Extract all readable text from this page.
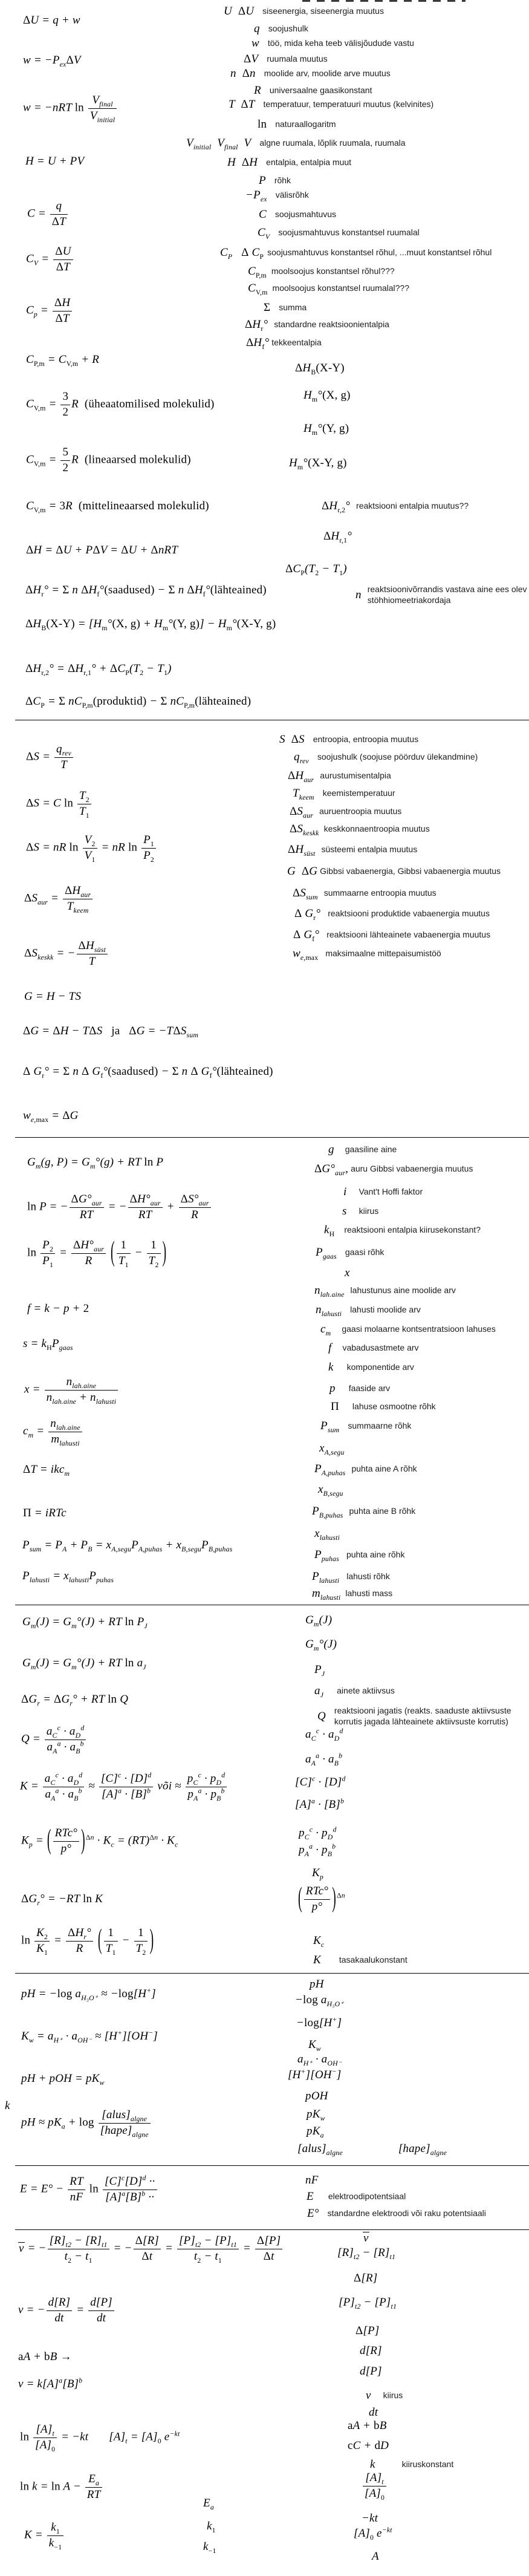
ΔU = q + w
$w = -P_{ex}\Delta V$
w = −nRT ln
$V_{final}$
$V_{initial}$
H = U + PV
$C = \frac{q}{\Delta T}$
$C_V = \frac{\Delta U}{\Delta T}$
$C_p = \frac{\Delta H}{\Delta T}$
$C_{P,m} = C_{V,m} + R$
$C_{V,m} = \frac{3}{2}$ R  (üheaatomilised molekulid)
$C_{V,m} = \frac{5}{2}$ R  (lineaarsed molekulid)
$C_{V,m} = 3R$  (mittelineaarsed molekulid)
ΔH = ΔU + PΔV = ΔU + ΔnRT
$\Delta H_r^\circ = \Sigma$ n $\Delta H_f^\circ(saadused) - \Sigma$ n $\Delta H_f^\circ(lähteained)$
$\Delta H_B(X-Y) = [H_m^\circ(X$, $g) + H_m^\circ(Y$, $g)] - H_m^\circ(X-Y$, g)
$\Delta H_{r,2}^\circ = \Delta H_{r,1}^\circ + \Delta C_P(T_2 - T_1)$
$\Delta C_P = \Sigma$ $nC_{P,m}(produktid) - \Sigma$ $nC_{P,m}(lähteained)$
ΔS =
$q_{rev}$
T
ΔS = C $\ln \frac{T_2}{T_1}$
ΔS = nR $\ln \frac{V_2}{V_1}$ = nR $\ln \frac{P_1}{P_2}$
$\Delta S_{aur}$ =
$\Delta H_{aur}$
$T_{keem}$
$\Delta S_{keskk}$ = −
$\Delta H_{süst}$
T
G = H − TS
ΔG = ΔH − TΔS   ja $\Delta G = -T\Delta S_{sum}$
Δ $G_r^\circ = \Sigma$ n Δ $G_f^\circ(saadused) - \Sigma$ n Δ $G_f^\circ(lähteained)$
$w_{e,max} = \Delta G$
$G_m(g$, $P) = G_m^\circ(g)$ + RT ln P
ln P = −
$\Delta G^\circ_{aur}$
RT
= −
$\Delta H^\circ_{aur}$
RT
+
$\Delta S^\circ_{aur}$
R
$\ln \frac{P_2}{P_1}$ =
$\Delta H^\circ_{aur}$
R	( $\frac{1}{T_1} - \frac{1}{T_2}$ )
f = k − p + 2
$s = k_HP_{gaas}$
x =
$n_{lah.aine}$
$n_{lah.aine} + n_{lahusti}$
$c_m$ =
$n_{lah.aine}$
$m_{lahusti}$
ΔT = ikc$_m$
Π = iRTc
$P_{sum} = P_A + P_B = x_{A,segu}P_{A,puhas} + x_{B,segu}P_{B,puhas}$
$P_{lahusti} = x_{lahusti}P_{puhas}$
$G_m(J) = G_m^\circ(J)$ + RT $\ln P_J$
$G_m(J) = G_m^\circ(J)$ + RT $\ln a_J$
$\Delta G_r = \Delta G_r^\circ$ + RT ln Q
Q =
$a_C^c \cdot a_D^d$
$a_A^a \cdot a_B^b$
K =
$a_C^c \cdot a_D^d$
$a_A^a \cdot a_B^b \approx \frac{[C]^c \cdot [D]^d}{[A]^a \cdot [B]^b}$ või ≈
$p_C^c \cdot p_D^d$
$p_A^a \cdot p_B^b$
$K_p$ = ( RTc°
p° )$^{\Delta n} \cdot K_c = (RT)^{\Delta n} \cdot K_c$
$\Delta G_r^\circ = -RT$ ln K
$\ln \frac{K_2}{K_1}$ =
$\Delta H_r^\circ$
R	( $\frac{1}{T_1} - \frac{1}{T_2}$ )
pH = −log $a_{H_3O^+} \approx -\log[H^+]$
$K_w = a_{H^+} \cdot a_{OH^-} \approx [H^+][OH^-]$
pH + pOH = $pK_w$
k
pH ≈ $pK_a + \log$
$[alus]_{algne}$
$[hape]_{algne}$
$E = E^\circ - \frac{RT}{nF}$ $\ln \frac{[C]^c[D]^d \cdot\cdot}{[A]^a[B]^b \cdot\cdot}$
v = − $\frac{[R]_{t2} - [R]_{t1}}{t_2 - t_1}$ = − $\frac{\Delta[R]}{\Delta t} = \frac{[P]_{t2} - [P]_{t1}}{t_2 - t_1} = \frac{\Delta[P]}{\Delta t}$
v = − $\frac{d[R]}{dt} = \frac{d[P]}{dt}$
aA + bB →
$v = k[A]^a[B]^b$
$\ln \frac{[A]_t}{[A]_0} = -kt$ $[A]_t = [A]_0$ $e^{-kt}$
$\ln k = \ln A - \frac{E_a}{RT}$
$K = \frac{k_1}{k_{-1}}$
U  ΔU siseenergia, siseenergia muutus
q soojushulk
w töö, mida keha teeb välisjõudude vastu
ΔV ruumala muutus
n  Δn moolide arv, moolide arve muutus
R universaalne gaasikonstant
T  ΔT temperatuur, temperatuuri muutus (kelvinites)
ln naturaallogaritm
$V_{initial}$  $V_{final}$  V algne ruumala, lõplik ruumala, ruumala
H  ΔH entalpia, entalpia muut
P rõhk
$-P_{ex}$ välisrõhk
C soojusmahtuvus
$C_V$ soojusmahtuvus konstantsel ruumalal
$C_P$ Δ $C_P$ soojusmahtuvus konstantsel rõhul, ...muut konstantsel rõhul
$C_{P,m}$ moolsoojus konstantsel rõhul???
$C_{V,m}$ moolsoojus konstantsel ruumalal???
Σ summa
$\Delta H_r^\circ$ standardne reaktsioonientalpia
$\Delta H_f^\circ$ tekkeentalpia
$\Delta H_B(X-Y)$
$H_m^\circ(X$, g)
$H_m^\circ(Y$, g)
$H_m^\circ(X-Y$, g)
$\Delta H_{r,2}^\circ$ reaktsiooni entalpia muutus??
$\Delta H_{r,1}^\circ$
$\Delta C_P(T_2 - T_1)$
n reaktsioonivõrrandis vastava aine ees olev stöhhiomeetriakordaja
S  ΔS entroopia, entroopia muutus
$q_{rev}$ soojushulk (soojuse pöörduv ülekandmine)
$\Delta H_{aur}$ aurustumisentalpia
$T_{keem}$ keemistemperatuur
$\Delta S_{aur}$ auruentroopia muutus
$\Delta S_{keskk}$ keskkonnaentroopia muutus
$\Delta H_{süst}$ süsteemi entalpia muutus
G  ΔG Gibbsi vabaenergia, Gibbsi vabaenergia muutus
$\Delta S_{sum}$ summaarne entroopia muutus
Δ $G_r^\circ$ reaktsiooni produktide vabaenergia muutus
Δ $G_f^\circ$ reaktsiooni lähteainete vabaenergia muutus
$w_{e,max}$ maksimaalne mittepaisumistöö
g gaasiline aine
$\Delta G^\circ_{aur}$, auru Gibbsi vabaenergia muutus
i Vant't Hoffi faktor
s kiirus
$k_H$ reaktsiooni entalpia kiirusekonstant?
$P_{gaas}$ gaasi rõhk
x
$n_{lah.aine}$ lahustunus aine moolide arv
$n_{lahusti}$ lahusti moolide arv
$c_m$ gaasi molaarne kontsentratsioon lahuses
f vabadusastmete arv
k komponentide arv
p faaside arv
Π lahuse osmootne rõhk
$P_{sum}$ summaarne rõhk
$x_{A,segu}$
$P_{A,puhas}$ puhta aine A rõhk
$x_{B,segu}$
$P_{B,puhas}$ puhta aine B rõhk
$x_{lahusti}$
$P_{puhas}$ puhta aine rõhk
$P_{lahusti}$ lahusti rõhk
$m_{lahusti}$ lahusti mass
$G_m(J)$
$G_m^\circ(J)$
$P_J$
$a_J$ ainete aktiivsus
Q reaktsiooni jagatis (reakts. saaduste aktiivsuste korrutis jagada lähteainete aktiivsuste korrutis)
$a_C^c \cdot a_D^d$
$a_A^a \cdot a_B^b$
$[C]^c \cdot [D]^d$
$[A]^a \cdot [B]^b$
$p_C^c \cdot p_D^d$
$p_A^a \cdot p_B^b$
$K_p$
( RTc°
p° )$^{\Delta n}$
$K_c$
K tasakaalukonstant
pH
−log $a_{H_3O^+}$
−log[H+]
$K_w$
$a_{H^+} \cdot a_{OH^-}$
[H+][OH−]
pOH
$pK_w$
$pK_a$
$[alus]_{algne}$	$[hape]_{algne}$
nF
E elektroodipotentsiaal
E° standardne elektroodi või raku potentsiaali
v
$[R]_{t2} - [R]_{t1}$
Δ[R]
$[P]_{t2} - [P]_{t1}$
Δ[P]
d[R]
d[P]
v kiirus
dt
aA + bB
cC + dD
k	kiiruskonstant
$\frac{[A]_t}{[A]_0}$
−kt
$[A]_0$ $e^{-kt}$
A
$E_a$
$k_1$
$k_{-1}$
